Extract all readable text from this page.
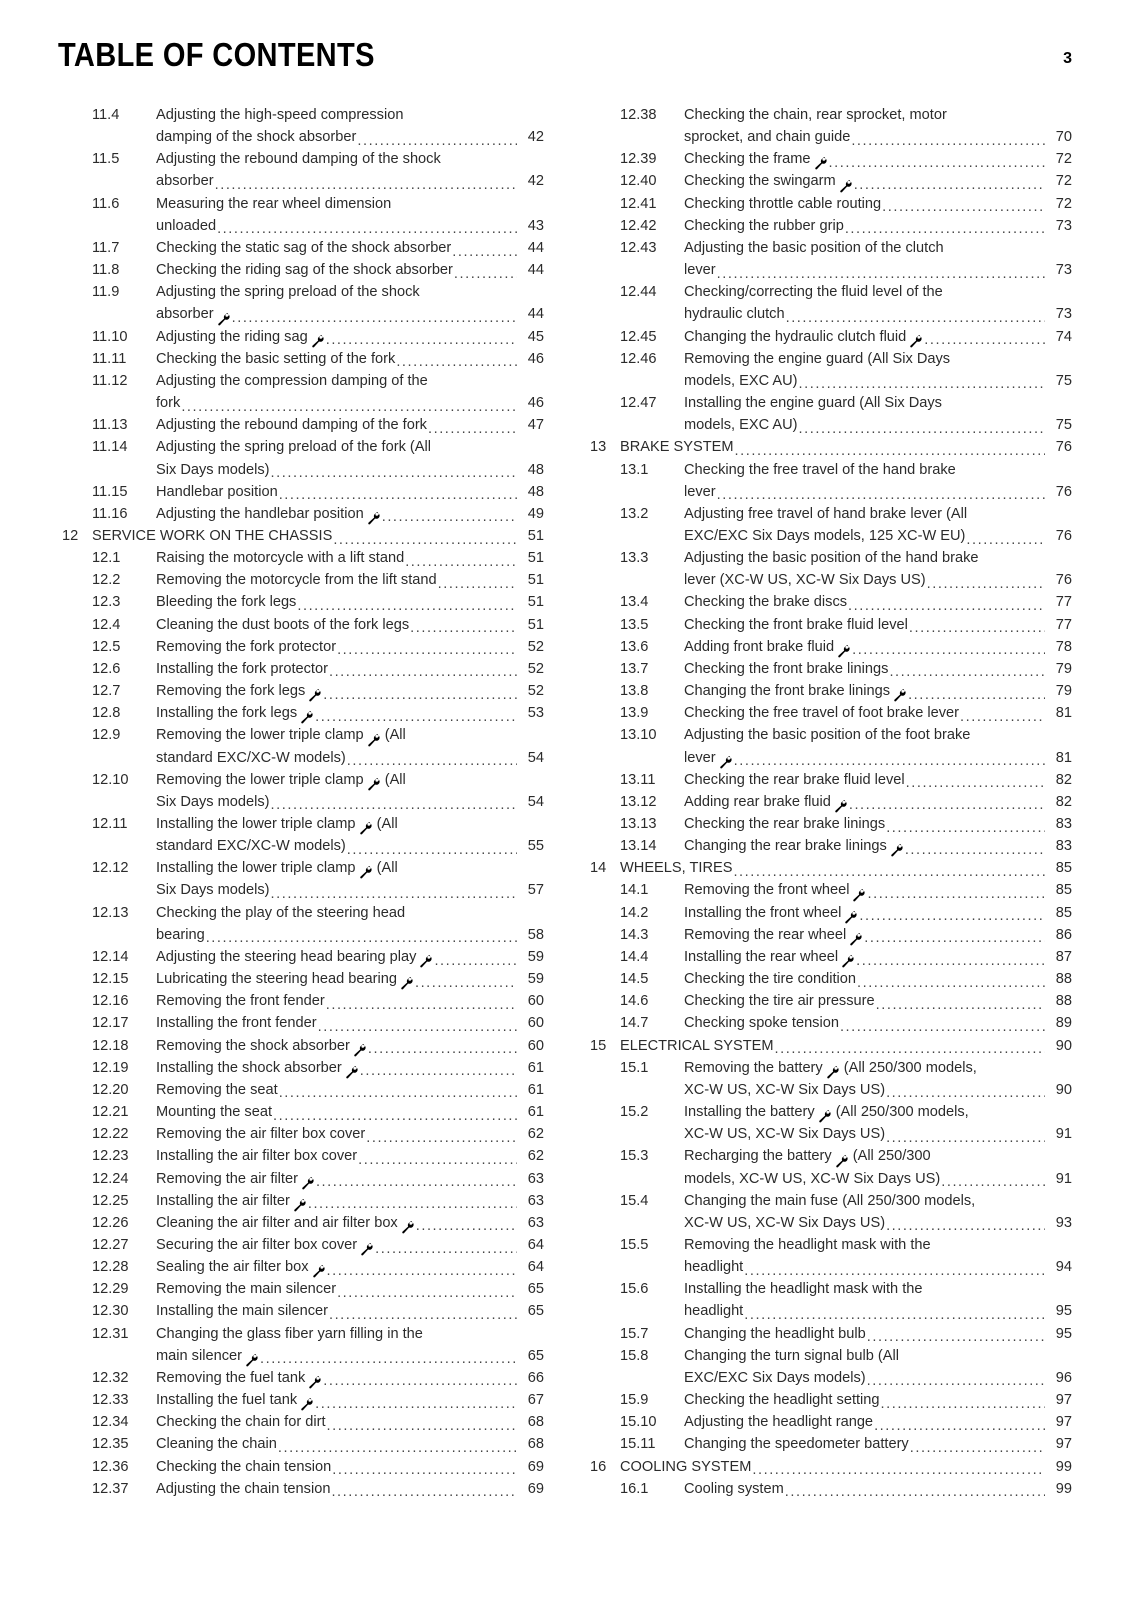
TABLE OF CONTENTS	3
11.4	Adjusting the high-speed compression
damping of the shock absorber .....	42
11.5	Adjusting the rebound damping of the shock
absorber .....	42
11.6	Measuring the rear wheel dimension
unloaded .....	43
11.7	Checking the static sag of the shock absorber .....	44
11.8	Checking the riding sag of the shock absorber .....	44
11.9	Adjusting the spring preload of the shock
absorber .....	44
11.10	Adjusting the riding sag .....	45
11.11	Checking the basic setting of the fork .....	46
11.12	Adjusting the compression damping of the
fork .....	46
11.13	Adjusting the rebound damping of the fork .....	47
11.14	Adjusting the spring preload of the fork (All
Six Days models) .....	48
11.15	Handlebar position .....	48
11.16	Adjusting the handlebar position .....	49
12 SERVICE WORK ON THE CHASSIS .....	51
12.1	Raising the motorcycle with a lift stand .....	51
12.2	Removing the motorcycle from the lift stand .....	51
12.3	Bleeding the fork legs .....	51
12.4	Cleaning the dust boots of the fork legs .....	51
12.5	Removing the fork protector .....	52
12.6	Installing the fork protector .....	52
12.7	Removing the fork legs .....	52
12.8	Installing the fork legs .....	53
12.9	Removing the lower triple clamp (All
standard EXC/XC-W models) .....	54
12.10	Removing the lower triple clamp (All
Six Days models) .....	54
12.11	Installing the lower triple clamp (All
standard EXC/XC-W models) .....	55
12.12	Installing the lower triple clamp (All
Six Days models) .....	57
12.13	Checking the play of the steering head
bearing .....	58
12.14	Adjusting the steering head bearing play .....	59
12.15	Lubricating the steering head bearing .....	59
12.16	Removing the front fender .....	60
12.17	Installing the front fender .....	60
12.18	Removing the shock absorber .....	60
12.19	Installing the shock absorber .....	61
12.20	Removing the seat .....	61
12.21	Mounting the seat .....	61
12.22	Removing the air filter box cover .....	62
12.23	Installing the air filter box cover .....	62
12.24	Removing the air filter .....	63
12.25	Installing the air filter .....	63
12.26	Cleaning the air filter and air filter box .....	63
12.27	Securing the air filter box cover .....	64
12.28	Sealing the air filter box .....	64
12.29	Removing the main silencer .....	65
12.30	Installing the main silencer .....	65
12.31	Changing the glass fiber yarn filling in the
main silencer .....	65
12.32	Removing the fuel tank .....	66
12.33	Installing the fuel tank .....	67
12.34	Checking the chain for dirt .....	68
12.35	Cleaning the chain .....	68
12.36	Checking the chain tension .....	69
12.37	Adjusting the chain tension .....	69
12.38	Checking the chain, rear sprocket, motor
sprocket, and chain guide .....	70
12.39	Checking the frame .....	72
12.40	Checking the swingarm .....	72
12.41	Checking throttle cable routing .....	72
12.42	Checking the rubber grip .....	73
12.43	Adjusting the basic position of the clutch
lever .....	73
12.44	Checking/correcting the fluid level of the
hydraulic clutch .....	73
12.45	Changing the hydraulic clutch fluid .....	74
12.46	Removing the engine guard (All Six Days
models, EXC AU) .....	75
12.47	Installing the engine guard (All Six Days
models, EXC AU) .....	75
13 BRAKE SYSTEM .....	76
13.1	Checking the free travel of the hand brake
lever .....	76
13.2	Adjusting free travel of hand brake lever (All
EXC/EXC Six Days models, 125 XC-W EU) .....	76
13.3	Adjusting the basic position of the hand brake
lever (XC-W US, XC-W Six Days US) .....	76
13.4	Checking the brake discs .....	77
13.5	Checking the front brake fluid level .....	77
13.6	Adding front brake fluid .....	78
13.7	Checking the front brake linings .....	79
13.8	Changing the front brake linings .....	79
13.9	Checking the free travel of foot brake lever .....	81
13.10	Adjusting the basic position of the foot brake
lever .....	81
13.11	Checking the rear brake fluid level .....	82
13.12	Adding rear brake fluid .....	82
13.13	Checking the rear brake linings .....	83
13.14	Changing the rear brake linings .....	83
14 WHEELS, TIRES .....	85
14.1	Removing the front wheel .....	85
14.2	Installing the front wheel .....	85
14.3	Removing the rear wheel .....	86
14.4	Installing the rear wheel .....	87
14.5	Checking the tire condition .....	88
14.6	Checking the tire air pressure .....	88
14.7	Checking spoke tension .....	89
15 ELECTRICAL SYSTEM .....	90
15.1	Removing the battery (All 250/300 models,
XC-W US, XC-W Six Days US) .....	90
15.2	Installing the battery (All 250/300 models,
XC-W US, XC-W Six Days US) .....	91
15.3	Recharging the battery (All 250/300
models, XC-W US, XC-W Six Days US) .....	91
15.4	Changing the main fuse (All 250/300 models,
XC-W US, XC-W Six Days US) .....	93
15.5	Removing the headlight mask with the
headlight .....	94
15.6	Installing the headlight mask with the
headlight .....	95
15.7	Changing the headlight bulb .....	95
15.8	Changing the turn signal bulb (All
EXC/EXC Six Days models) .....	96
15.9	Checking the headlight setting .....	97
15.10	Adjusting the headlight range .....	97
15.11	Changing the speedometer battery .....	97
16 COOLING SYSTEM .....	99
16.1	Cooling system .....	99
